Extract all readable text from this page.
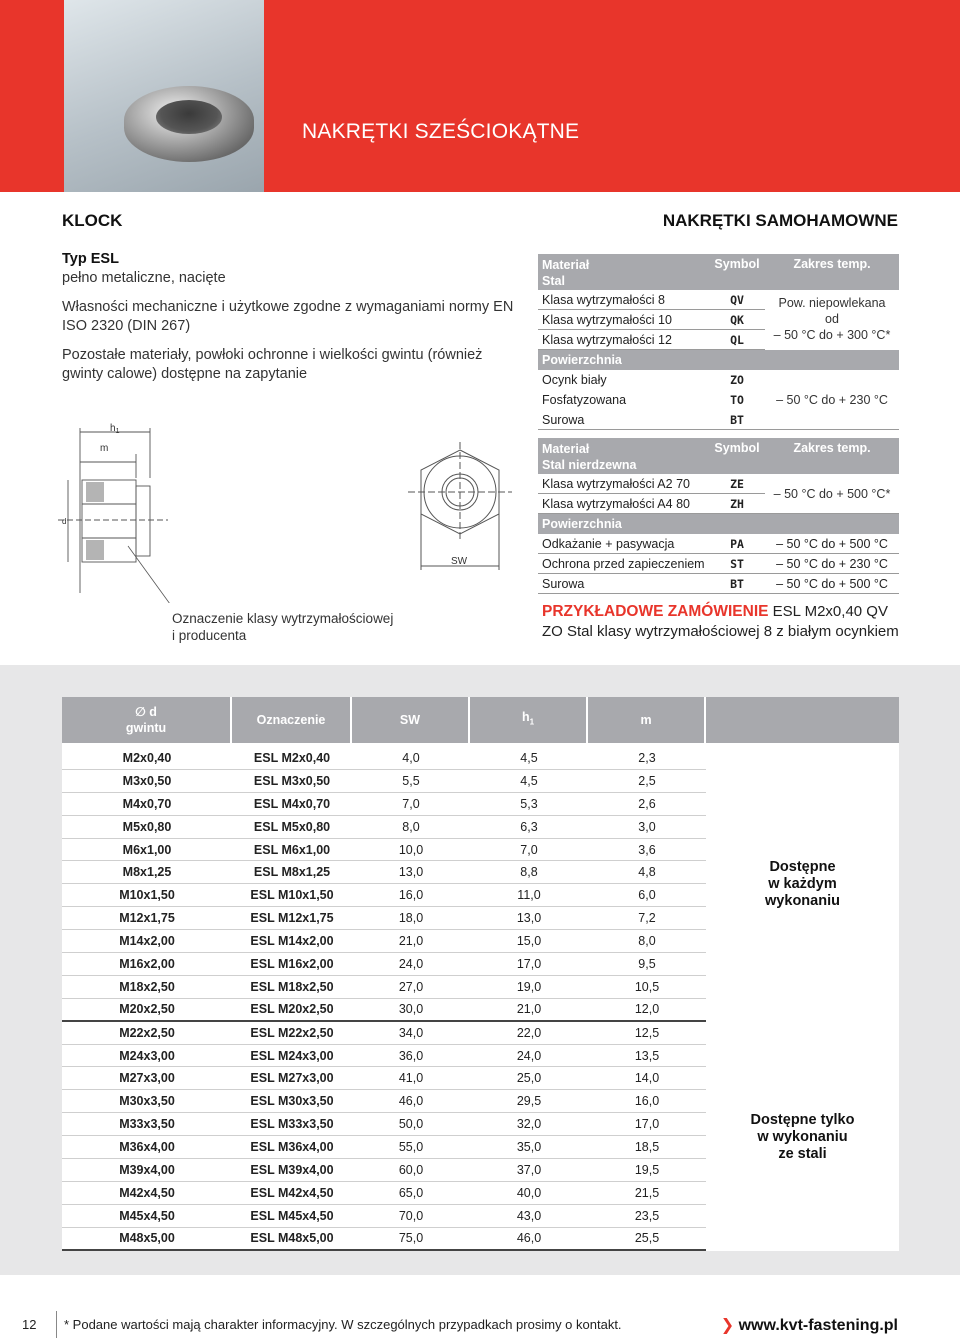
NAKRĘTKI SZEŚCIOKĄTNE
KLOCK	NAKRĘTKI SAMOHAMOWNE

Typ ESL
pełno metaliczne, nacięte

Własności mechaniczne i użytkowe zgodne z wymaganiami normy EN ISO 2320 (DIN 267)

Pozostałe materiały, powłoki ochronne i wielkości gwintu (również gwinty calowe) dostępne na zapytanie

$h_1$
m
d
SW
Oznaczenie klasy wytrzymałościowej
i producenta
Materiał
Stal
Symbol	Zakres temp.
Klasa wytrzymałości 8	QV
Klasa wytrzymałości 10	QK
Klasa wytrzymałości 12	QL
Pow. niepowlekana
od
– 50 °C do + 300 °C*
Powierzchnia
Ocynk biały	ZO
Fosfatyzowana	TO
Surowa	BT
– 50 °C do + 230 °C
Materiał
Stal nierdzewna
Symbol	Zakres temp.
Klasa wytrzymałości A2 70	ZE
Klasa wytrzymałości A4 80	ZH
– 50 °C do + 500 °C*
Powierzchnia
Odkażanie + pasywacja	PA	– 50 °C do + 500 °C
Ochrona przed zapieczeniem	ST	– 50 °C do + 230 °C
Surowa	BT	– 50 °C do + 500 °C
PRZYKŁADOWE ZAMÓWIENIE ESL M2x0,40 QV
ZO Stal klasy wytrzymałościowej 8 z białym ocynkiem
∅ d
gwintu
Oznaczenie	SW	$h_1$	m
M2x0,40	ESL M2x0,40	4,0	4,5	2,3
M3x0,50	ESL M3x0,50	5,5	4,5	2,5
M4x0,70	ESL M4x0,70	7,0	5,3	2,6
M5x0,80	ESL M5x0,80	8,0	6,3	3,0
M6x1,00	ESL M6x1,00	10,0	7,0	3,6
M8x1,25	ESL M8x1,25	13,0	8,8	4,8
M10x1,50	ESL M10x1,50	16,0	11,0	6,0
M12x1,75	ESL M12x1,75	18,0	13,0	7,2
M14x2,00	ESL M14x2,00	21,0	15,0	8,0
M16x2,00	ESL M16x2,00	24,0	17,0	9,5
M18x2,50	ESL M18x2,50	27,0	19,0	10,5
M20x2,50	ESL M20x2,50	30,0	21,0	12,0
M22x2,50	ESL M22x2,50	34,0	22,0	12,5
M24x3,00	ESL M24x3,00	36,0	24,0	13,5
M27x3,00	ESL M27x3,00	41,0	25,0	14,0
M30x3,50	ESL M30x3,50	46,0	29,5	16,0
M33x3,50	ESL M33x3,50	50,0	32,0	17,0
M36x4,00	ESL M36x4,00	55,0	35,0	18,5
M39x4,00	ESL M39x4,00	60,0	37,0	19,5
M42x4,50	ESL M42x4,50	65,0	40,0	21,5
M45x4,50	ESL M45x4,50	70,0	43,0	23,5
M48x5,00	ESL M48x5,00	75,0	46,0	25,5
Dostępne
w każdym
wykonaniu
Dostępne tylko
w wykonaniu
ze stali
12 * Podane wartości mają charakter informacyjny. W szczególnych przypadkach prosimy o kontakt.	❯ www.kvt-fastening.pl
